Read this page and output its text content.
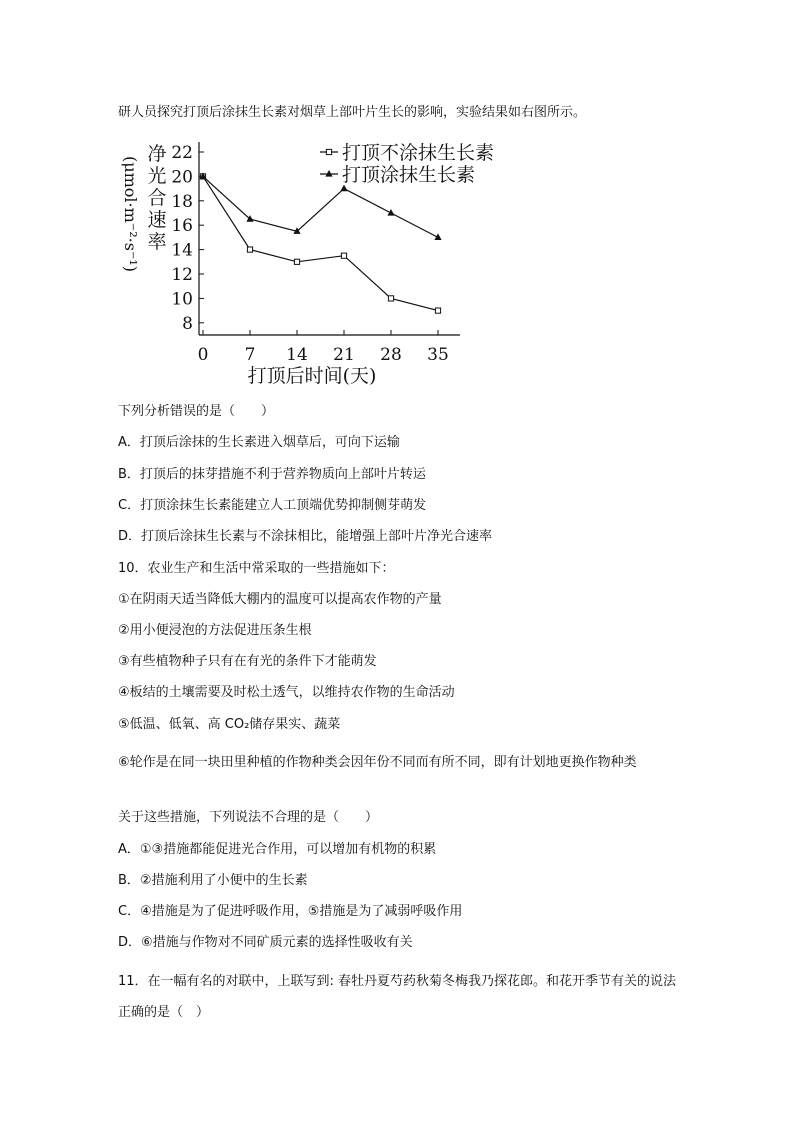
研人员探究打顶后涂抹生长素对烟草上部叶片生长的影响，实验结果如右图所示。
8
10
12
14
16
18
20
22
0 7 14 21 28 35
打顶不涂抹生长素
打顶涂抹生长素
净
光
合
速
率
(μmol·m⁻²·s⁻¹)
打顶后时间(天)
下列分析错误的是（　　）
A．打顶后涂抹的生长素进入烟草后，可向下运输
B．打顶后的抹芽措施不利于营养物质向上部叶片转运
C．打顶涂抹生长素能建立人工顶端优势抑制侧芽萌发
D．打顶后涂抹生长素与不涂抹相比，能增强上部叶片净光合速率
10．农业生产和生活中常采取的一些措施如下：
①在阴雨天适当降低大棚内的温度可以提高农作物的产量
②用小便浸泡的方法促进压条生根
③有些植物种子只有在有光的条件下才能萌发
④板结的土壤需要及时松土透气，以维持农作物的生命活动
⑤低温、低氧、高 CO₂储存果实、蔬菜
⑥轮作是在同一块田里种植的作物种类会因年份不同而有所不同，即有计划地更换作物种类
关于这些措施，下列说法不合理的是（　　）
A．①③措施都能促进光合作用，可以增加有机物的积累
B．②措施利用了小便中的生长素
C．④措施是为了促进呼吸作用，⑤措施是为了减弱呼吸作用
D．⑥措施与作物对不同矿质元素的选择性吸收有关
11．在一幅有名的对联中，上联写到: 春牡丹夏芍药秋菊冬梅我乃探花郎。和花开季节有关的说法正确的是（　）
